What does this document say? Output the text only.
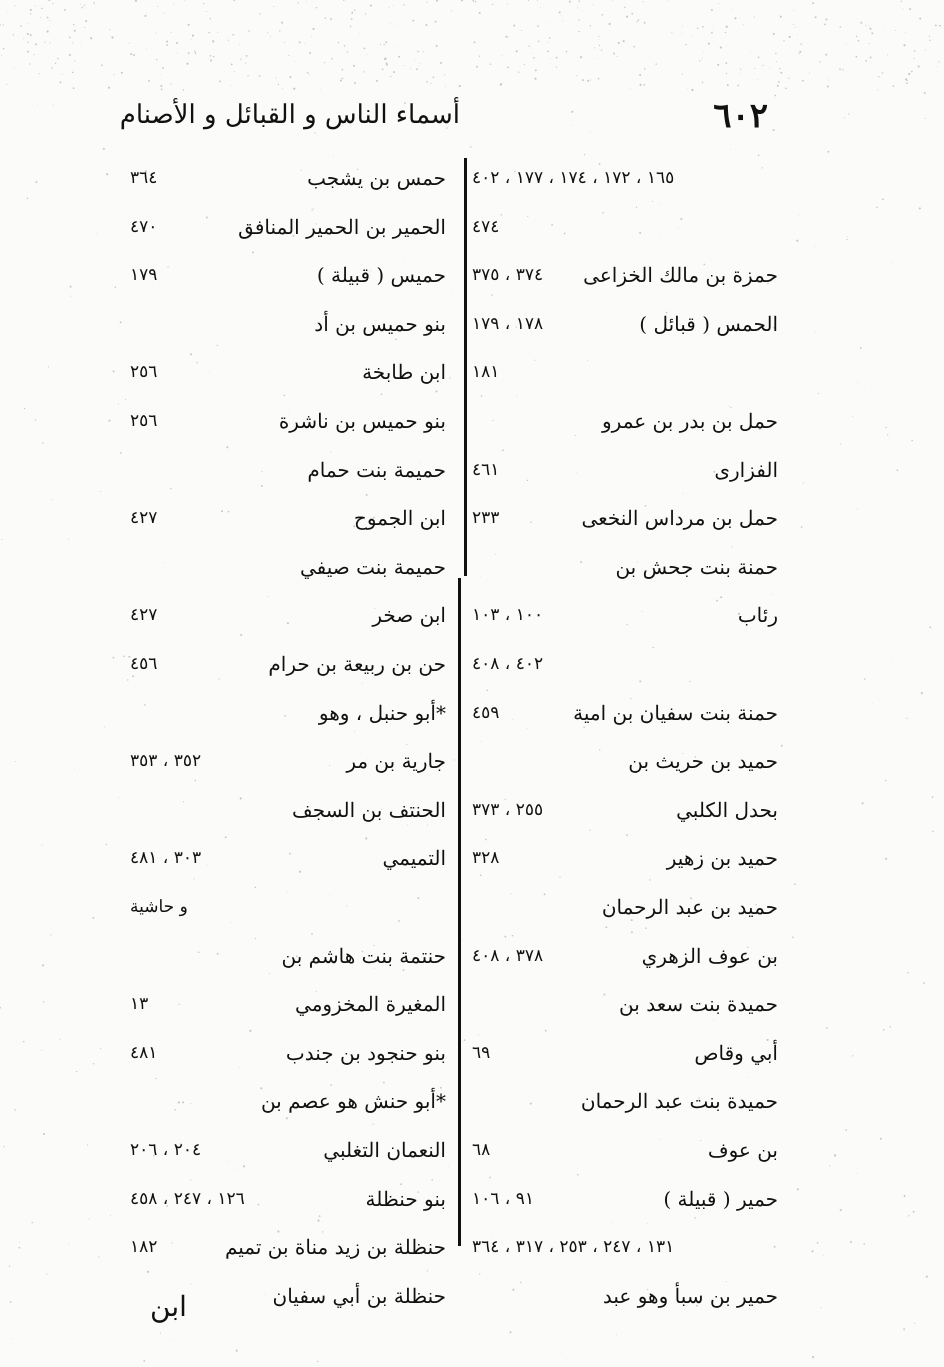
أسماء الناس و القبائل و الأصنام	٦٠٢
١٦٥ ، ١٧٢ ، ١٧٤ ، ١٧٧ ، ٤٠٢
٤٧٤
حمزة بن مالك الخزاعى
٣٧٤ ، ٣٧٥
الحمس ( قبائل )
١٧٨ ، ١٧٩
١٨١
حمل بن بدر بن عمرو
الفزارى
٤٦١
حمل بن مرداس النخعى
٢٣٣
حمنة بنت جحش بن
رئاب
١٠٠ ، ١٠٣
٤٠٢ ، ٤٠٨
حمنة بنت سفيان بن امية
٤٥٩
حميد بن حريث بن
بحدل الكلبي
٢٥٥ ، ٣٧٣
حميد بن زهير
٣٢٨
حميد بن عبد الرحمان
بن عوف الزهري
٣٧٨ ، ٤٠٨
حميدة بنت سعد بن
أبي وقاص
٦٩
حميدة بنت عبد الرحمان
بن عوف
٦٨
حمير ( قبيلة )
٩١ ، ١٠٦
١٣١ ، ٢٤٧ ، ٢٥٣ ، ٣١٧ ، ٣٦٤
حمير بن سبأ وهو عبد
حمس بن يشجب
٣٦٤
الحمير بن الحمير المنافق
٤٧٠
حميس ( قبيلة )
١٧٩
بنو حميس بن أد
ابن طابخة
٢٥٦
بنو حميس بن ناشرة
٢٥٦
حميمة بنت حمام
ابن الجموح
٤٢٧
حميمة بنت صيفي
ابن صخر
٤٢٧
حن بن ربيعة بن حرام
٤٥٦
*أبو حنبل ، وهو
جارية بن مر
٣٥٢ ، ٣٥٣
الحنتف بن السجف
التميمي
٣٠٣ ، ٤٨١
و حاشية
حنتمة بنت هاشم بن
المغيرة المخزومي
١٣
بنو حنجود بن جندب
٤٨١
*أبو حنش هو عصم بن
النعمان التغلبي
٢٠٤ ، ٢٠٦
بنو حنظلة
١٢٦ ، ٢٤٧ ، ٤٥٨
حنظلة بن زيد مناة بن تميم
١٨٢
حنظلة بن أبي سفيان
ابن
